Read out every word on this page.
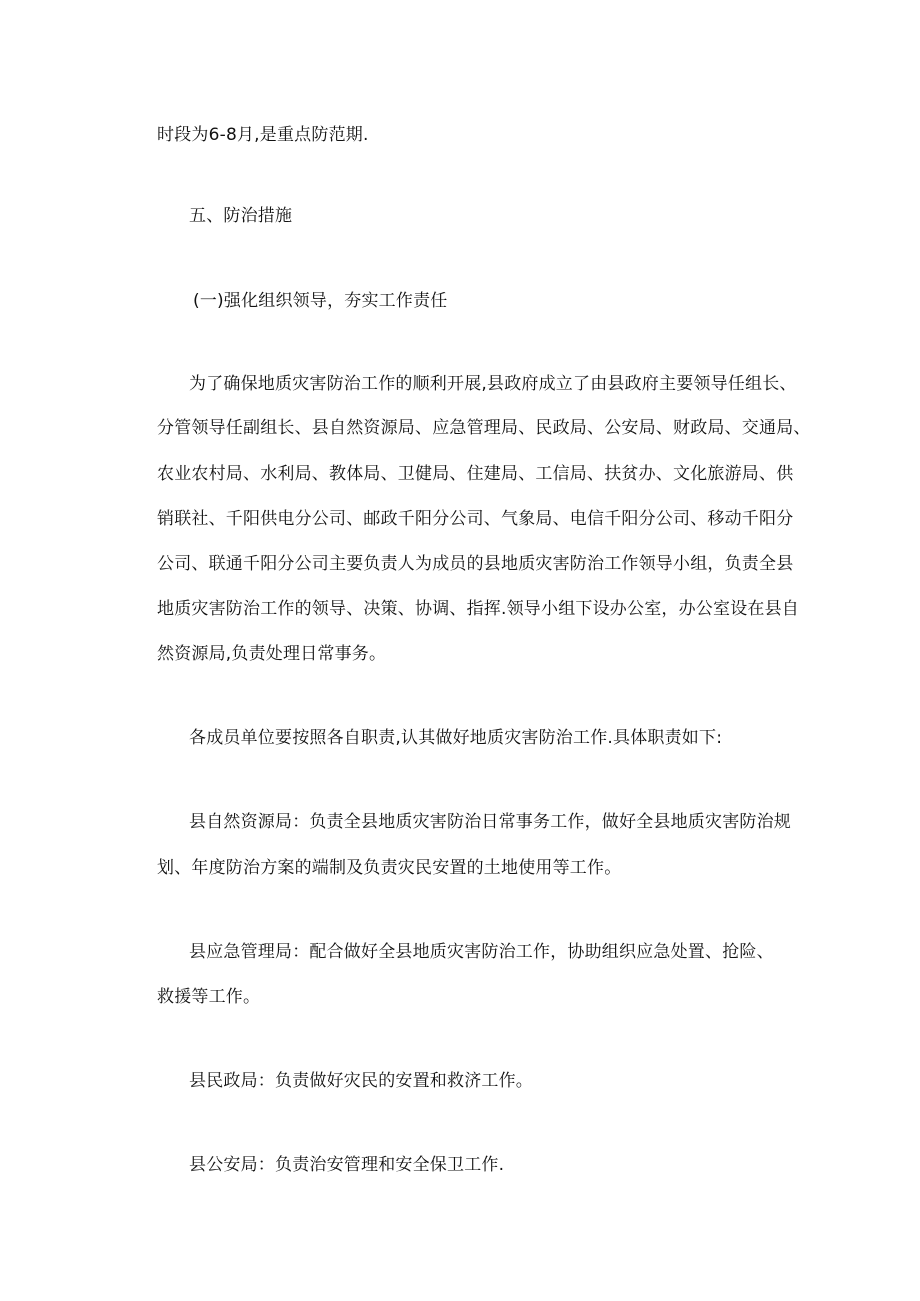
时段为6-8月,是重点防范期.
五、防治措施
(一)强化组织领导，夯实工作责任
为了确保地质灾害防治工作的顺利开展,县政府成立了由县政府主要领导任组长、
分管领导任副组长、县自然资源局、应急管理局、民政局、公安局、财政局、交通局、
农业农村局、水利局、教体局、卫健局、住建局、工信局、扶贫办、文化旅游局、供
销联社、千阳供电分公司、邮政千阳分公司、气象局、电信千阳分公司、移动千阳分
公司、联通千阳分公司主要负责人为成员的县地质灾害防治工作领导小组，负责全县
地质灾害防治工作的领导、决策、协调、指挥.领导小组下设办公室，办公室设在县自
然资源局,负责处理日常事务。
各成员单位要按照各自职责,认其做好地质灾害防治工作.具体职责如下:
县自然资源局：负责全县地质灾害防治日常事务工作，做好全县地质灾害防治规
划、年度防治方案的端制及负责灾民安置的土地使用等工作。
县应急管理局：配合做好全县地质灾害防治工作，协助组织应急处置、抢险、
救援等工作。
县民政局：负责做好灾民的安置和救济工作。
县公安局：负责治安管理和安全保卫工作.
